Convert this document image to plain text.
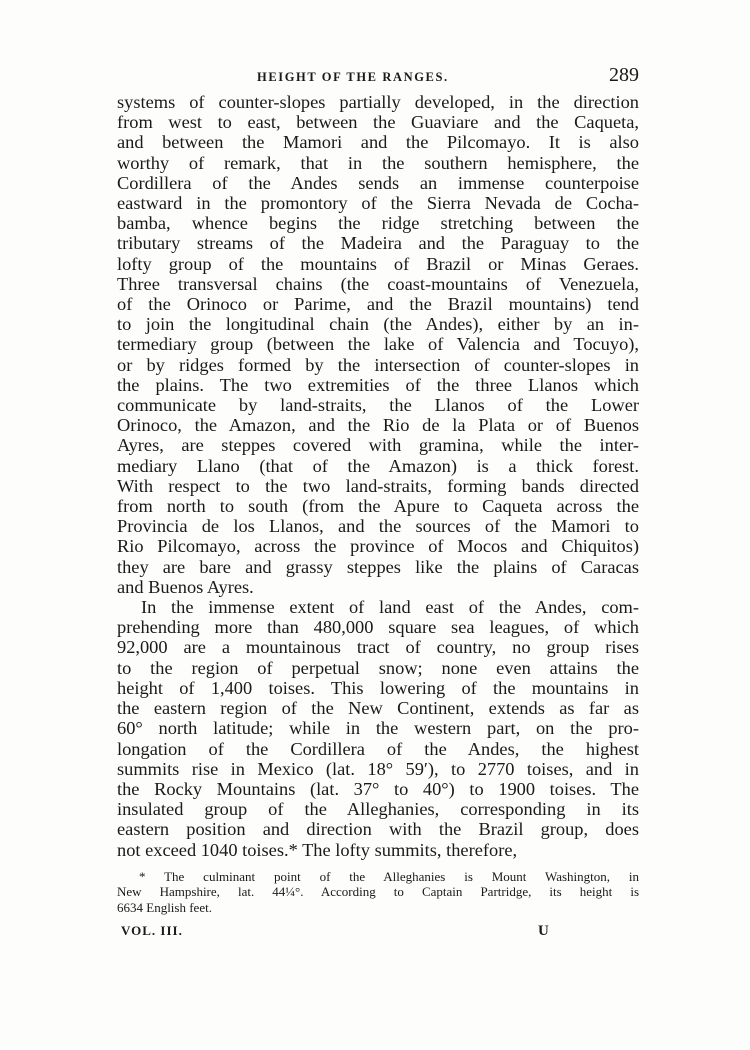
HEIGHT OF THE RANGES.	289

systems of counter-slopes partially developed, in the direction
from west to east, between the Guaviare and the Caqueta,
and between the Mamori and the Pilcomayo. It is also
worthy of remark, that in the southern hemisphere, the
Cordillera of the Andes sends an immense counterpoise
eastward in the promontory of the Sierra Nevada de Cocha-
bamba, whence begins the ridge stretching between the
tributary streams of the Madeira and the Paraguay to the
lofty group of the mountains of Brazil or Minas Geraes.
Three transversal chains (the coast-mountains of Venezuela,
of the Orinoco or Parime, and the Brazil mountains) tend
to join the longitudinal chain (the Andes), either by an in-
termediary group (between the lake of Valencia and Tocuyo),
or by ridges formed by the intersection of counter-slopes in
the plains. The two extremities of the three Llanos which
communicate by land-straits, the Llanos of the Lower
Orinoco, the Amazon, and the Rio de la Plata or of Buenos
Ayres, are steppes covered with gramina, while the inter-
mediary Llano (that of the Amazon) is a thick forest.
With respect to the two land-straits, forming bands directed
from north to south (from the Apure to Caqueta across the
Provincia de los Llanos, and the sources of the Mamori to
Rio Pilcomayo, across the province of Mocos and Chiquitos)
they are bare and grassy steppes like the plains of Caracas
and Buenos Ayres.

In the immense extent of land east of the Andes, com-
prehending more than 480,000 square sea leagues, of which
92,000 are a mountainous tract of country, no group rises
to the region of perpetual snow; none even attains the
height of 1,400 toises. This lowering of the mountains in
the eastern region of the New Continent, extends as far as
60° north latitude; while in the western part, on the pro-
longation of the Cordillera of the Andes, the highest
summits rise in Mexico (lat. 18° 59′), to 2770 toises, and in
the Rocky Mountains (lat. 37° to 40°) to 1900 toises. The
insulated group of the Alleghanies, corresponding in its
eastern position and direction with the Brazil group, does
not exceed 1040 toises.* The lofty summits, therefore,

* The culminant point of the Alleghanies is Mount Washington, in
New Hampshire, lat. 44¼°. According to Captain Partridge, its height is
6634 English feet.
VOL. III.	U
